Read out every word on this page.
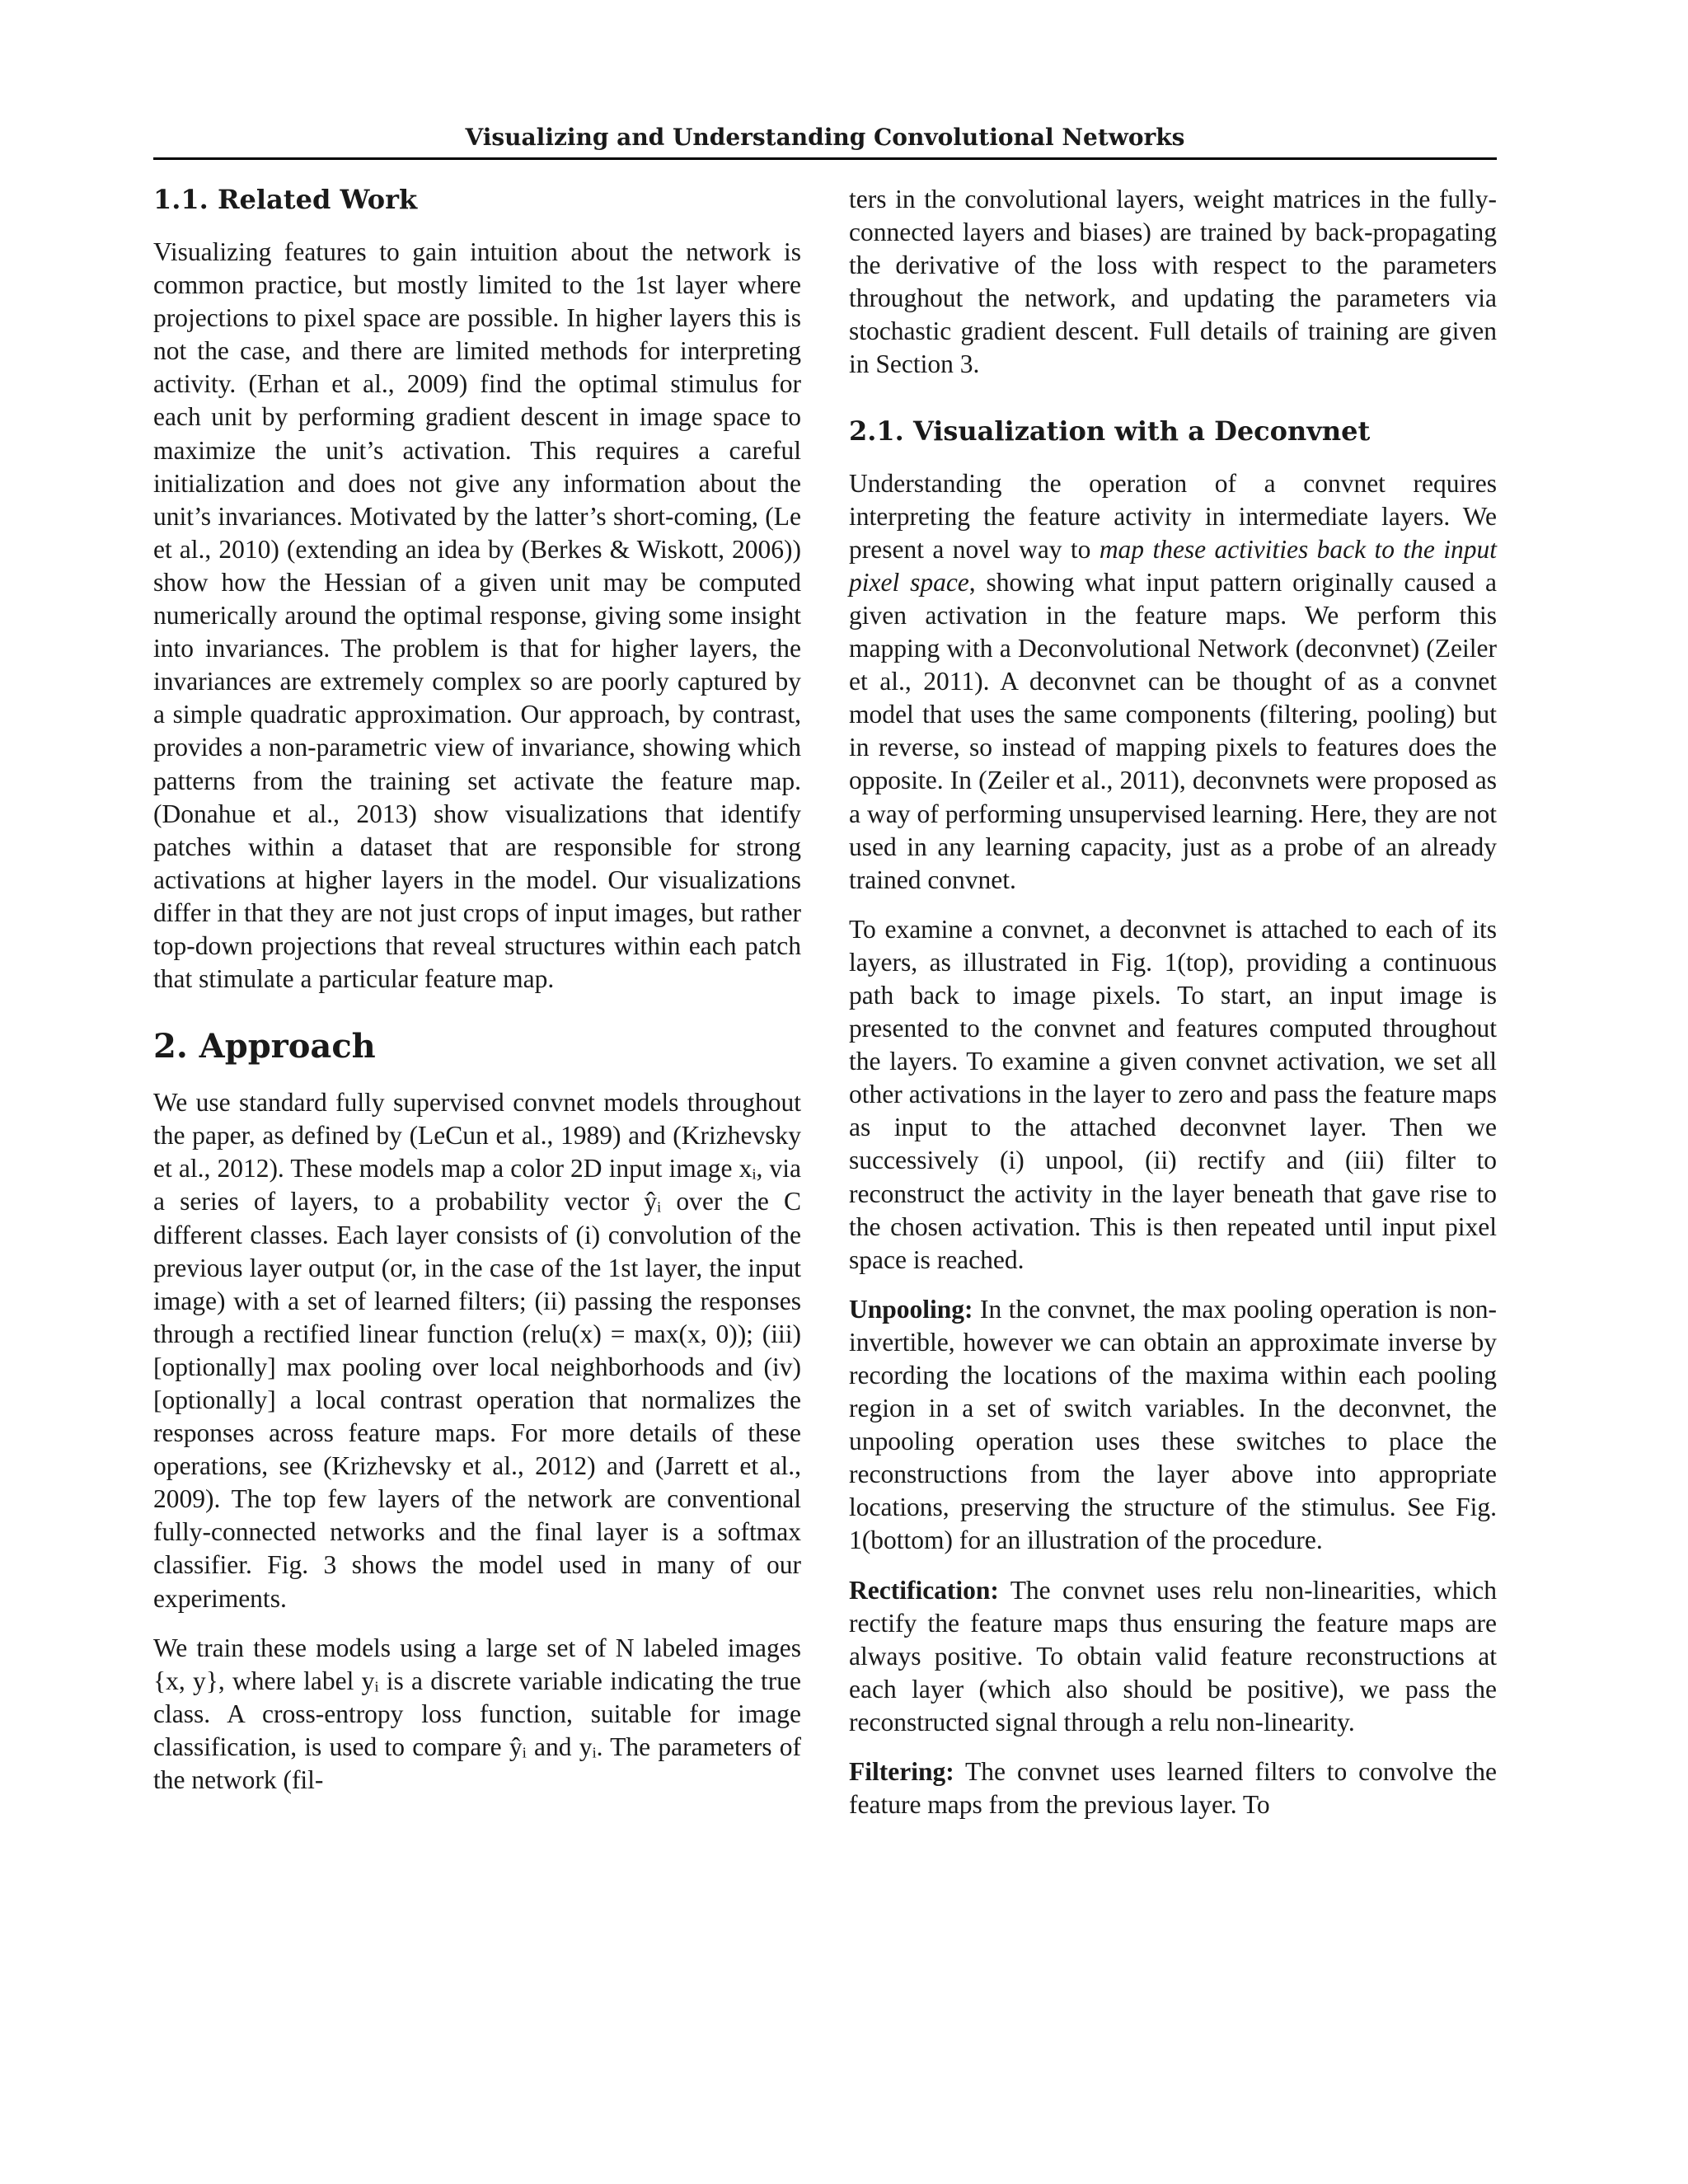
Visualizing and Understanding Convolutional Networks
1.1. Related Work

Visualizing features to gain intuition about the network is common practice, but mostly limited to the 1st layer where projections to pixel space are possible. In higher layers this is not the case, and there are limited methods for interpreting activity. (Erhan et al., 2009) find the optimal stimulus for each unit by performing gradient descent in image space to maximize the unit’s activation. This requires a careful initialization and does not give any information about the unit’s invariances. Motivated by the latter’s short-coming, (Le et al., 2010) (extending an idea by (Berkes & Wiskott, 2006)) show how the Hessian of a given unit may be computed numerically around the optimal response, giving some insight into invariances. The problem is that for higher layers, the invariances are extremely complex so are poorly captured by a simple quadratic approximation. Our approach, by contrast, provides a non-parametric view of invariance, showing which patterns from the training set activate the feature map. (Donahue et al., 2013) show visualizations that identify patches within a dataset that are responsible for strong activations at higher layers in the model. Our visualizations differ in that they are not just crops of input images, but rather top-down projections that reveal structures within each patch that stimulate a particular feature map.

2. Approach

We use standard fully supervised convnet models throughout the paper, as defined by (LeCun et al., 1989) and (Krizhevsky et al., 2012). These models map a color 2D input image xᵢ, via a series of layers, to a probability vector ŷᵢ over the C different classes. Each layer consists of (i) convolution of the previous layer output (or, in the case of the 1st layer, the input image) with a set of learned filters; (ii) passing the responses through a rectified linear function (relu(x) = max(x, 0)); (iii) [optionally] max pooling over local neighborhoods and (iv) [optionally] a local contrast operation that normalizes the responses across feature maps. For more details of these operations, see (Krizhevsky et al., 2012) and (Jarrett et al., 2009). The top few layers of the network are conventional fully-connected networks and the final layer is a softmax classifier. Fig. 3 shows the model used in many of our experiments.

We train these models using a large set of N labeled images {x, y}, where label yᵢ is a discrete variable indicating the true class. A cross-entropy loss function, suitable for image classification, is used to compare ŷᵢ and yᵢ. The parameters of the network (fil-

ters in the convolutional layers, weight matrices in the fully-connected layers and biases) are trained by back-propagating the derivative of the loss with respect to the parameters throughout the network, and updating the parameters via stochastic gradient descent. Full details of training are given in Section 3.

2.1. Visualization with a Deconvnet

Understanding the operation of a convnet requires interpreting the feature activity in intermediate layers. We present a novel way to map these activities back to the input pixel space, showing what input pattern originally caused a given activation in the feature maps. We perform this mapping with a Deconvolutional Network (deconvnet) (Zeiler et al., 2011). A deconvnet can be thought of as a convnet model that uses the same components (filtering, pooling) but in reverse, so instead of mapping pixels to features does the opposite. In (Zeiler et al., 2011), deconvnets were proposed as a way of performing unsupervised learning. Here, they are not used in any learning capacity, just as a probe of an already trained convnet.

To examine a convnet, a deconvnet is attached to each of its layers, as illustrated in Fig. 1(top), providing a continuous path back to image pixels. To start, an input image is presented to the convnet and features computed throughout the layers. To examine a given convnet activation, we set all other activations in the layer to zero and pass the feature maps as input to the attached deconvnet layer. Then we successively (i) unpool, (ii) rectify and (iii) filter to reconstruct the activity in the layer beneath that gave rise to the chosen activation. This is then repeated until input pixel space is reached.

Unpooling: In the convnet, the max pooling operation is non-invertible, however we can obtain an approximate inverse by recording the locations of the maxima within each pooling region in a set of switch variables. In the deconvnet, the unpooling operation uses these switches to place the reconstructions from the layer above into appropriate locations, preserving the structure of the stimulus. See Fig. 1(bottom) for an illustration of the procedure.

Rectification: The convnet uses relu non-linearities, which rectify the feature maps thus ensuring the feature maps are always positive. To obtain valid feature reconstructions at each layer (which also should be positive), we pass the reconstructed signal through a relu non-linearity.

Filtering: The convnet uses learned filters to convolve the feature maps from the previous layer. To
